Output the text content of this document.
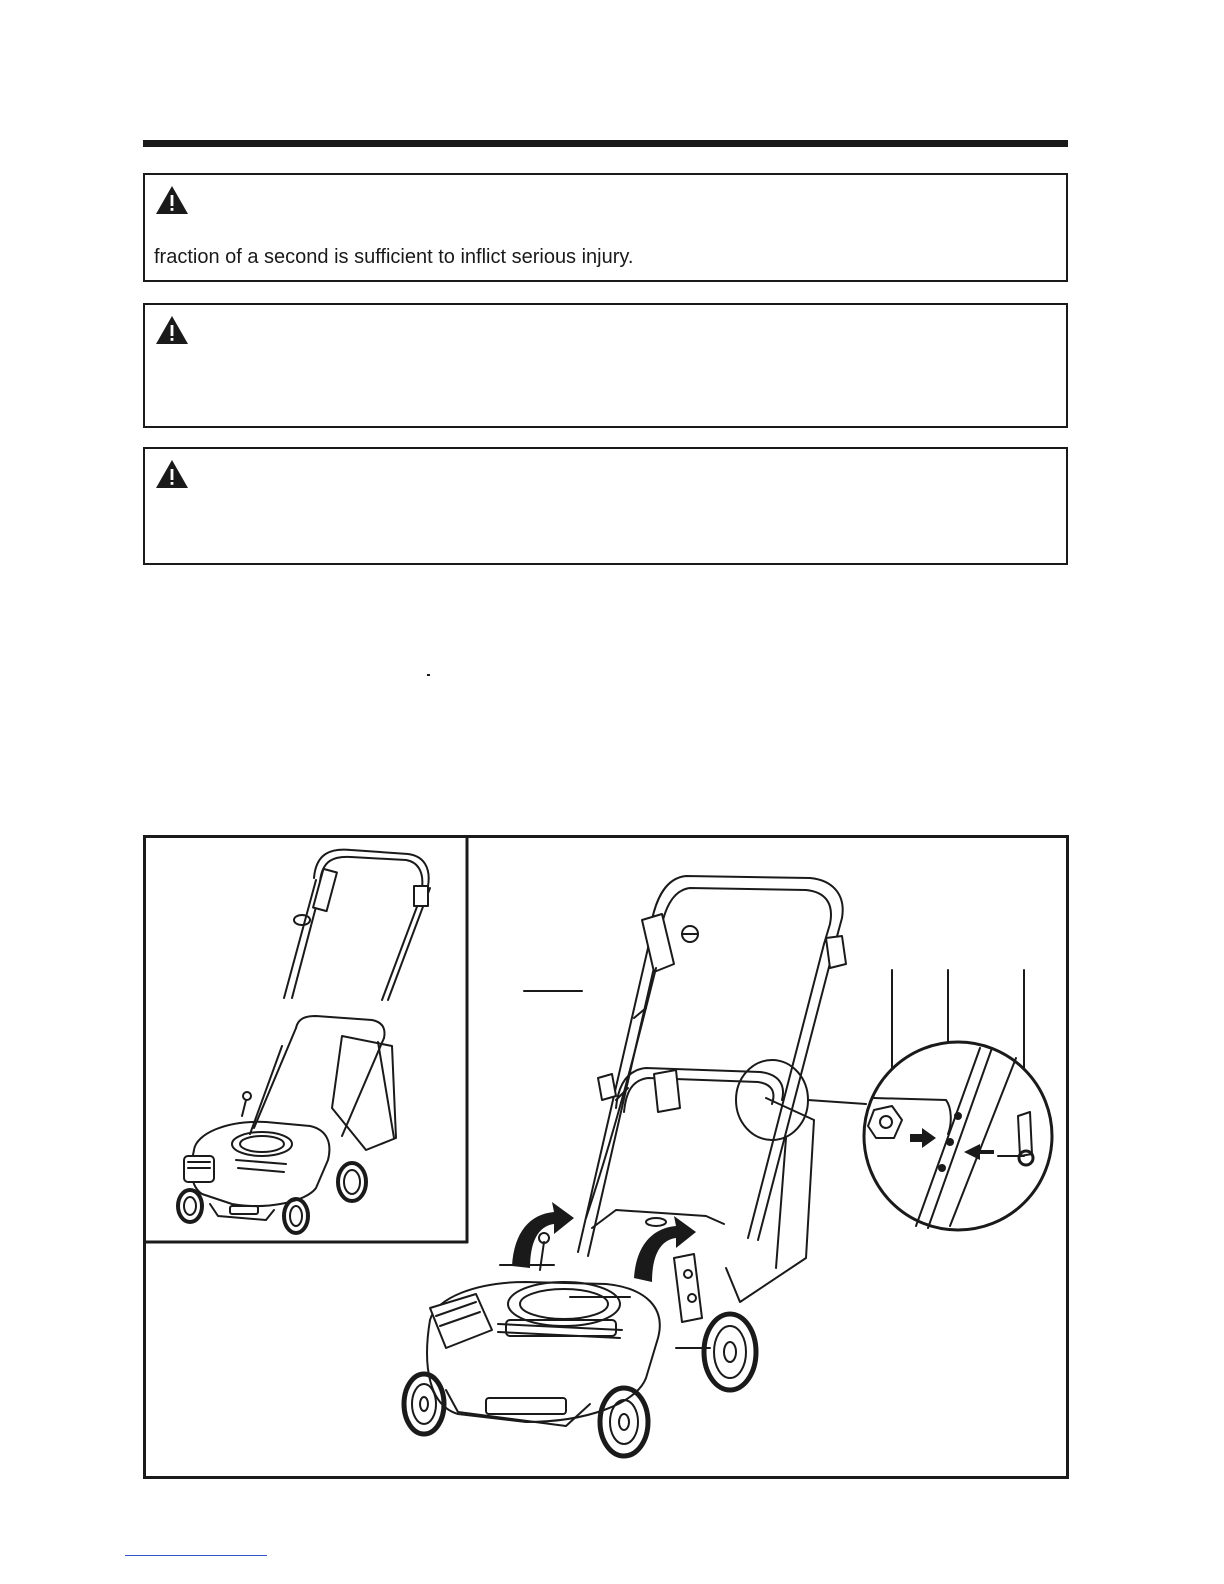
fraction of a second is sufficient to inflict serious injury.
